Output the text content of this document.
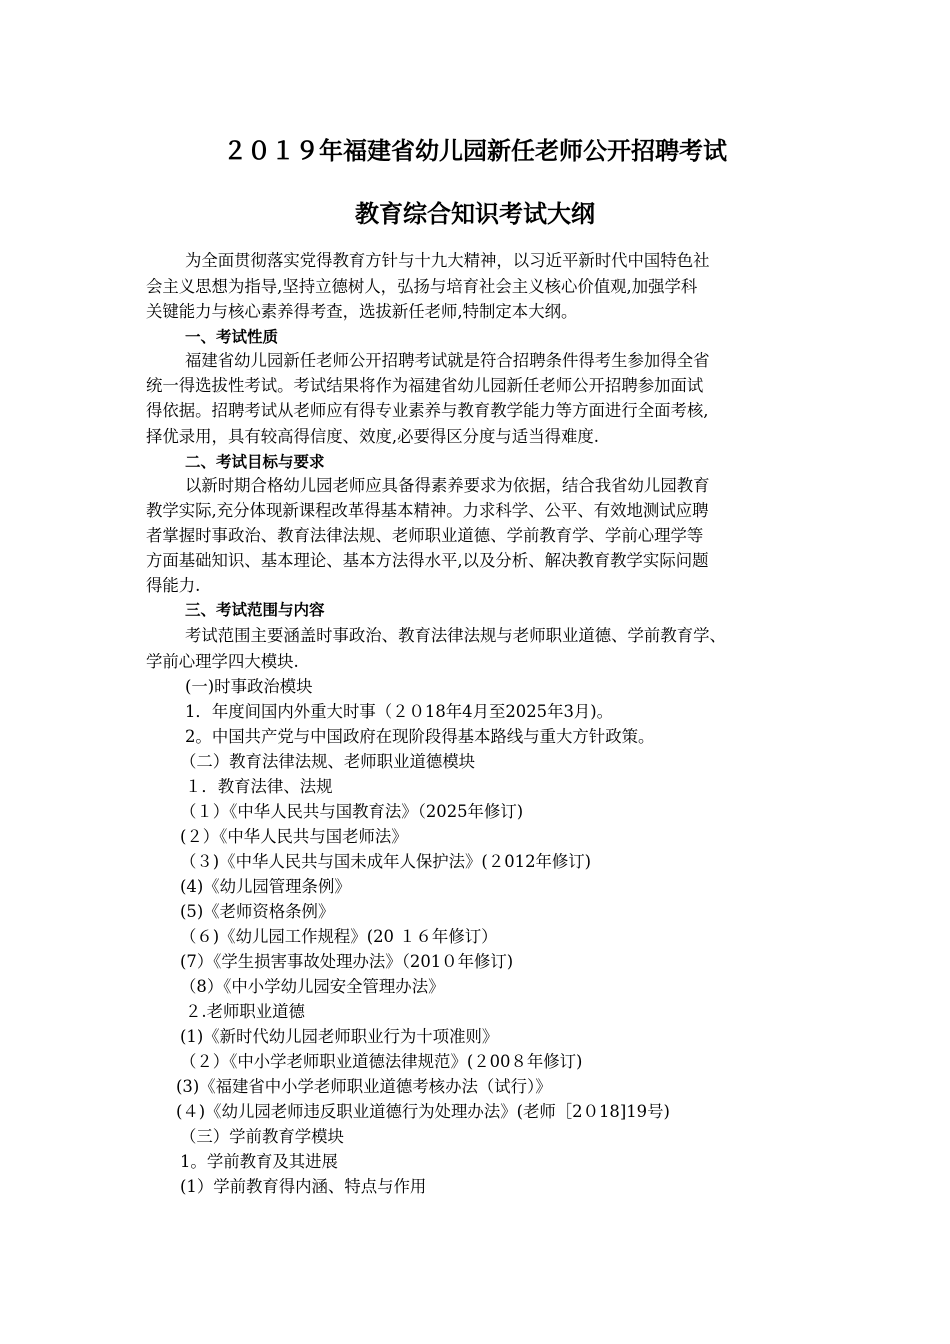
２０１９年福建省幼儿园新任老师公开招聘考试
教育综合知识考试大纲
为全面贯彻落实党得教育方针与十九大精神，以习近平新时代中国特色社
会主义思想为指导,坚持立德树人，弘扬与培育社会主义核心价值观,加强学科
关键能力与核心素养得考查，选拔新任老师,特制定本大纲。
一、考试性质
福建省幼儿园新任老师公开招聘考试就是符合招聘条件得考生参加得全省
统一得选拔性考试。考试结果将作为福建省幼儿园新任老师公开招聘参加面试
得依据。招聘考试从老师应有得专业素养与教育教学能力等方面进行全面考核,
择优录用，具有较高得信度、效度,必要得区分度与适当得难度.
二、考试目标与要求
以新时期合格幼儿园老师应具备得素养要求为依据，结合我省幼儿园教育
教学实际,充分体现新课程改革得基本精神。力求科学、公平、有效地测试应聘
者掌握时事政治、教育法律法规、老师职业道德、学前教育学、学前心理学等
方面基础知识、基本理论、基本方法得水平,以及分析、解决教育教学实际问题
得能力.
三、考试范围与内容
考试范围主要涵盖时事政治、教育法律法规与老师职业道德、学前教育学、
学前心理学四大模块.
(一)时事政治模块
1．年度间国内外重大时事（２０18年4月至2025年3月)。
2。中国共产党与中国政府在现阶段得基本路线与重大方针政策。
（二）教育法律法规、老师职业道德模块
１．教育法律、法规
（１）《中华人民共与国教育法》（2025年修订)
(２）《中华人民共与国老师法》
（３)《中华人民共与国未成年人保护法》(２012年修订)
(4)《幼儿园管理条例》
(5)《老师资格条例》
（６)《幼儿园工作规程》(20 １６年修订）
(7）《学生损害事故处理办法》（201０年修订)
（8）《中小学幼儿园安全管理办法》
２.老师职业道德
(1)《新时代幼儿园老师职业行为十项准则》
（２）《中小学老师职业道德法律规范》(２00８年修订)
(3)《福建省中小学老师职业道德考核办法（试行）》
(４)《幼儿园老师违反职业道德行为处理办法》(老师［2０18]19号)
（三）学前教育学模块
1。学前教育及其进展
(1）学前教育得内涵、特点与作用
